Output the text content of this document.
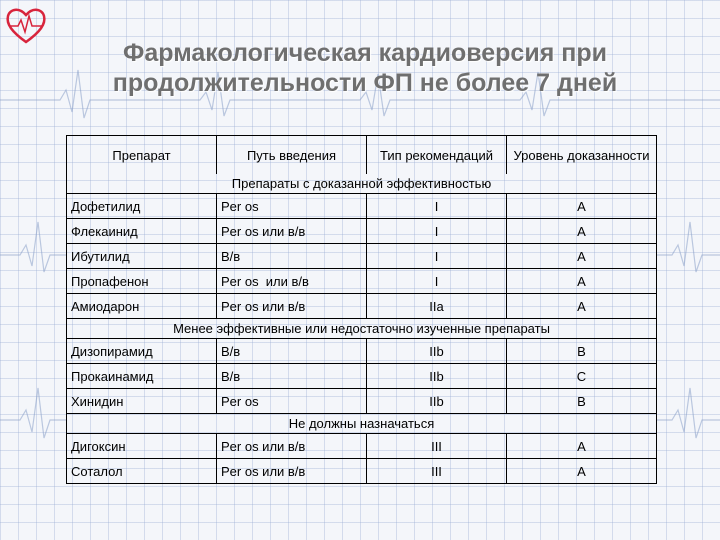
Фармакологическая кардиоверсия при
продолжительности ФП не более 7 дней
Препарат	Путь введения	Тип рекомендаций	Уровень доказанности
Препараты с доказанной эффективностью			
Дофетилид	Per os	I	A
Флекаинид	Per os или в/в	I	A
Ибутилид	В/в	I	A
Пропафенон	Per os  или в/в	I	A
Амиодарон	Per os или в/в	IIa	A
Менее эффективные или недостаточно изученные препараты			
Дизопирамид	В/в	IIb	B
Прокаинамид	В/в	IIb	C
Хинидин	Per os	IIb	B
Не должны назначаться			
Дигоксин	Per os или в/в	III	A
Соталол	Per os или в/в	III	A
